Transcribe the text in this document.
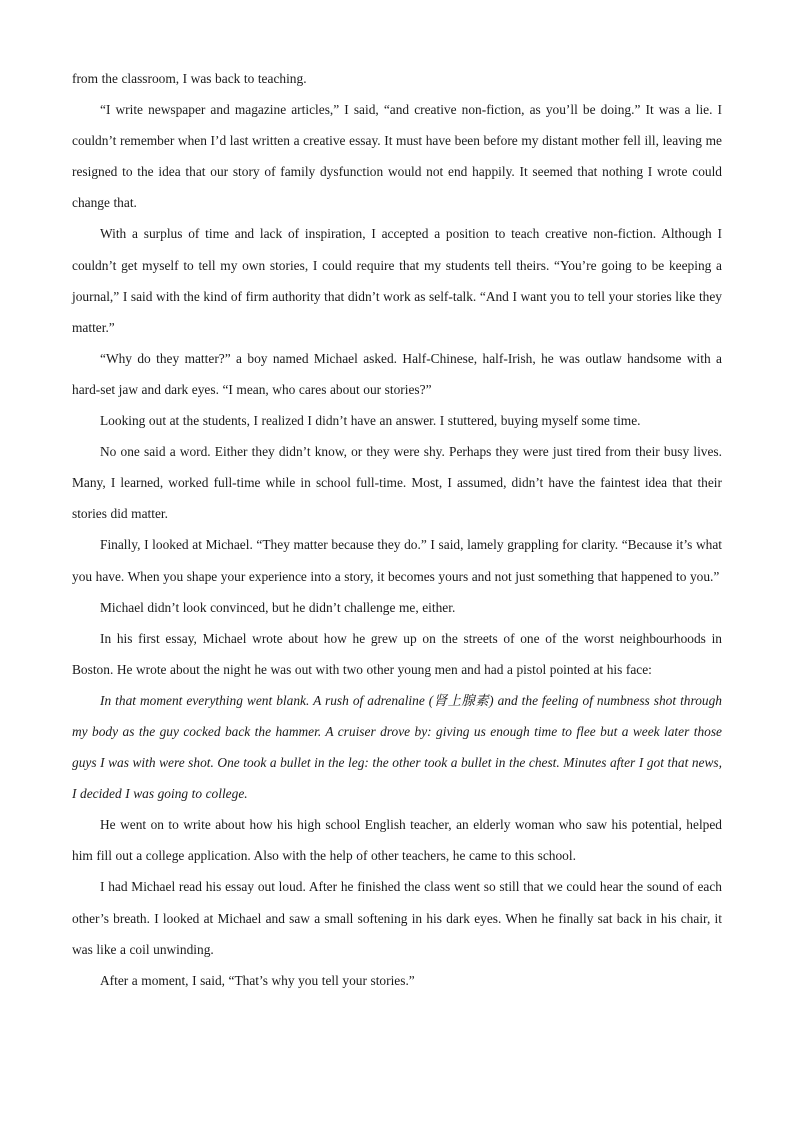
from the classroom, I was back to teaching.

“I write newspaper and magazine articles,” I said, “and creative non-fiction, as you’ll be doing.” It was a lie. I couldn’t remember when I’d last written a creative essay. It must have been before my distant mother fell ill, leaving me resigned to the idea that our story of family dysfunction would not end happily. It seemed that nothing I wrote could change that.

With a surplus of time and lack of inspiration, I accepted a position to teach creative non-fiction. Although I couldn’t get myself to tell my own stories, I could require that my students tell theirs. “You’re going to be keeping a journal,” I said with the kind of firm authority that didn’t work as self-talk. “And I want you to tell your stories like they matter.”

“Why do they matter?” a boy named Michael asked. Half-Chinese, half-Irish, he was outlaw handsome with a hard-set jaw and dark eyes. “I mean, who cares about our stories?”

Looking out at the students, I realized I didn’t have an answer. I stuttered, buying myself some time.

No one said a word. Either they didn’t know, or they were shy. Perhaps they were just tired from their busy lives. Many, I learned, worked full-time while in school full-time. Most, I assumed, didn’t have the faintest idea that their stories did matter.

Finally, I looked at Michael. “They matter because they do.” I said, lamely grappling for clarity. “Because it’s what you have. When you shape your experience into a story, it becomes yours and not just something that happened to you.”

Michael didn’t look convinced, but he didn’t challenge me, either.

In his first essay, Michael wrote about how he grew up on the streets of one of the worst neighbourhoods in Boston. He wrote about the night he was out with two other young men and had a pistol pointed at his face:

In that moment everything went blank. A rush of adrenaline (肾上腺素) and the feeling of numbness shot through my body as the guy cocked back the hammer. A cruiser drove by: giving us enough time to flee but a week later those guys I was with were shot. One took a bullet in the leg: the other took a bullet in the chest. Minutes after I got that news, I decided I was going to college.

He went on to write about how his high school English teacher, an elderly woman who saw his potential, helped him fill out a college application. Also with the help of other teachers, he came to this school.

I had Michael read his essay out loud. After he finished the class went so still that we could hear the sound of each other’s breath. I looked at Michael and saw a small softening in his dark eyes. When he finally sat back in his chair, it was like a coil unwinding.

After a moment, I said, “That’s why you tell your stories.”
